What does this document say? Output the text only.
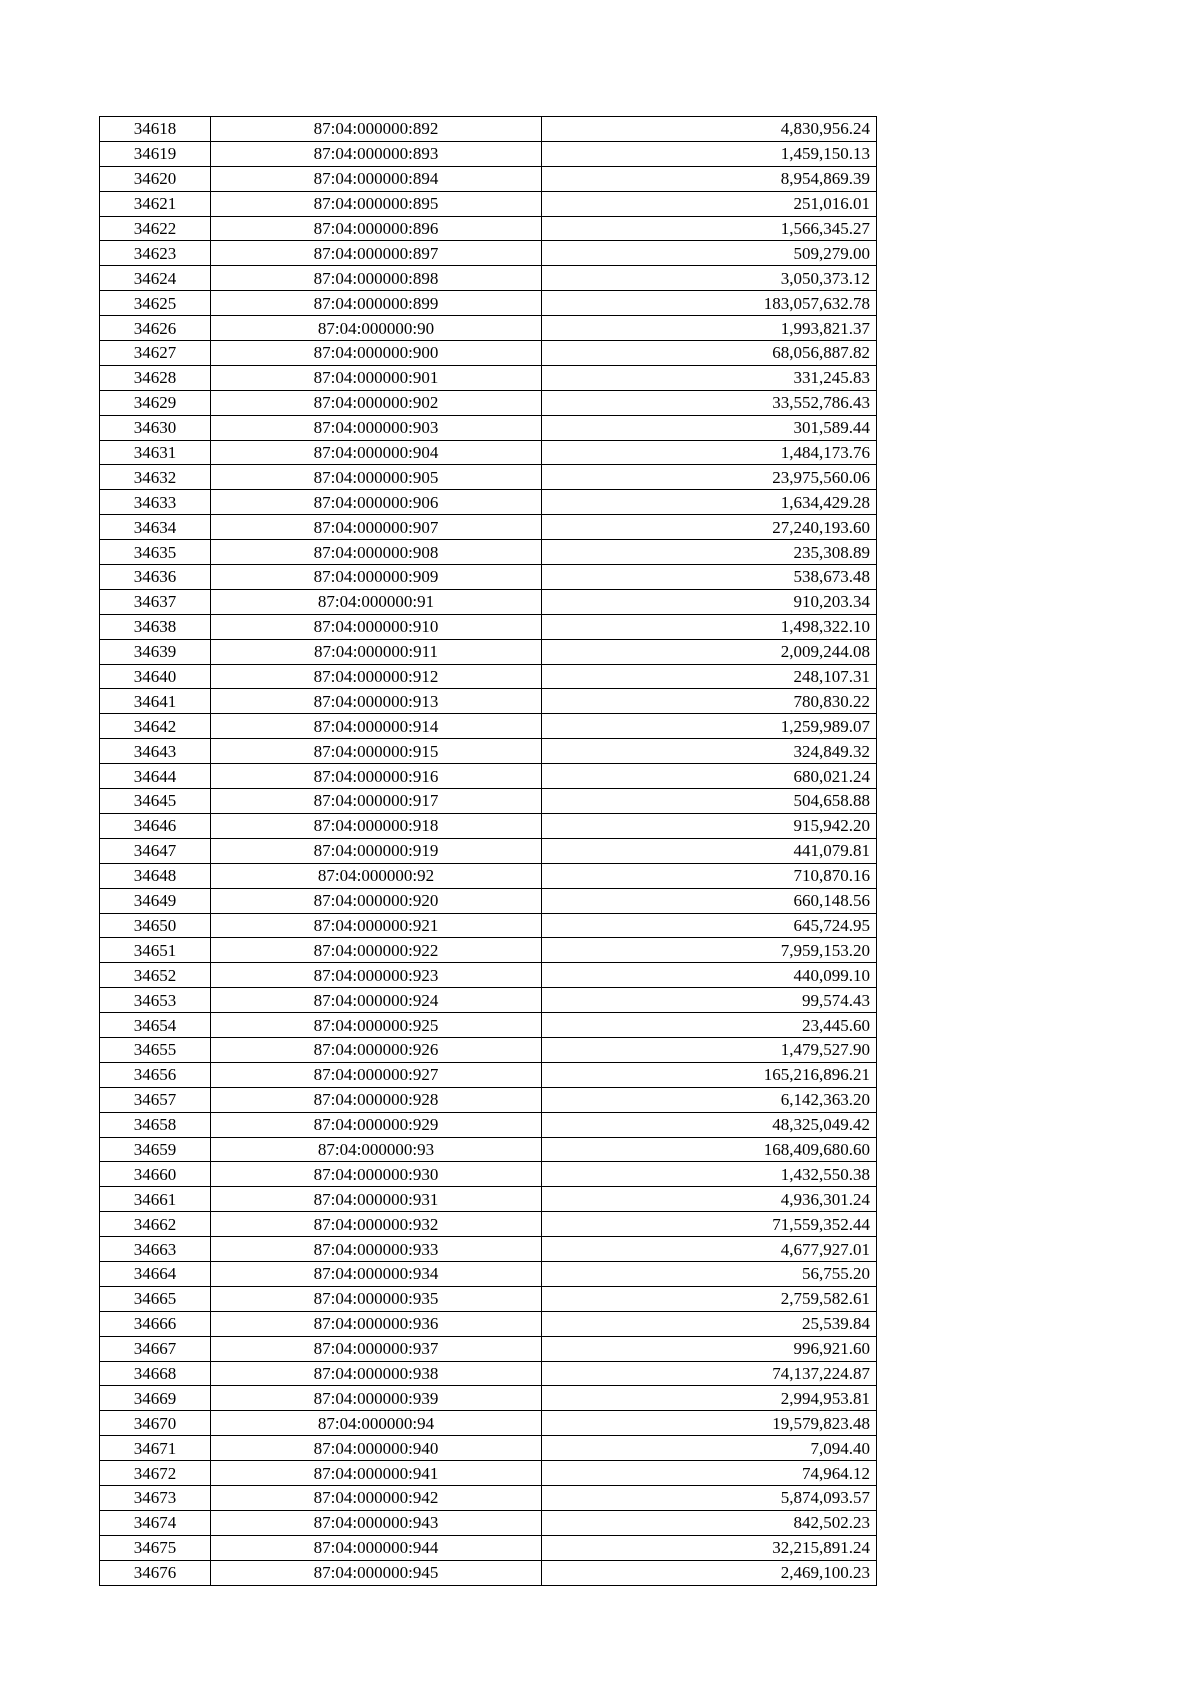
34618	87:04:000000:892	4,830,956.24
34619	87:04:000000:893	1,459,150.13
34620	87:04:000000:894	8,954,869.39
34621	87:04:000000:895	251,016.01
34622	87:04:000000:896	1,566,345.27
34623	87:04:000000:897	509,279.00
34624	87:04:000000:898	3,050,373.12
34625	87:04:000000:899	183,057,632.78
34626	87:04:000000:90	1,993,821.37
34627	87:04:000000:900	68,056,887.82
34628	87:04:000000:901	331,245.83
34629	87:04:000000:902	33,552,786.43
34630	87:04:000000:903	301,589.44
34631	87:04:000000:904	1,484,173.76
34632	87:04:000000:905	23,975,560.06
34633	87:04:000000:906	1,634,429.28
34634	87:04:000000:907	27,240,193.60
34635	87:04:000000:908	235,308.89
34636	87:04:000000:909	538,673.48
34637	87:04:000000:91	910,203.34
34638	87:04:000000:910	1,498,322.10
34639	87:04:000000:911	2,009,244.08
34640	87:04:000000:912	248,107.31
34641	87:04:000000:913	780,830.22
34642	87:04:000000:914	1,259,989.07
34643	87:04:000000:915	324,849.32
34644	87:04:000000:916	680,021.24
34645	87:04:000000:917	504,658.88
34646	87:04:000000:918	915,942.20
34647	87:04:000000:919	441,079.81
34648	87:04:000000:92	710,870.16
34649	87:04:000000:920	660,148.56
34650	87:04:000000:921	645,724.95
34651	87:04:000000:922	7,959,153.20
34652	87:04:000000:923	440,099.10
34653	87:04:000000:924	99,574.43
34654	87:04:000000:925	23,445.60
34655	87:04:000000:926	1,479,527.90
34656	87:04:000000:927	165,216,896.21
34657	87:04:000000:928	6,142,363.20
34658	87:04:000000:929	48,325,049.42
34659	87:04:000000:93	168,409,680.60
34660	87:04:000000:930	1,432,550.38
34661	87:04:000000:931	4,936,301.24
34662	87:04:000000:932	71,559,352.44
34663	87:04:000000:933	4,677,927.01
34664	87:04:000000:934	56,755.20
34665	87:04:000000:935	2,759,582.61
34666	87:04:000000:936	25,539.84
34667	87:04:000000:937	996,921.60
34668	87:04:000000:938	74,137,224.87
34669	87:04:000000:939	2,994,953.81
34670	87:04:000000:94	19,579,823.48
34671	87:04:000000:940	7,094.40
34672	87:04:000000:941	74,964.12
34673	87:04:000000:942	5,874,093.57
34674	87:04:000000:943	842,502.23
34675	87:04:000000:944	32,215,891.24
34676	87:04:000000:945	2,469,100.23
